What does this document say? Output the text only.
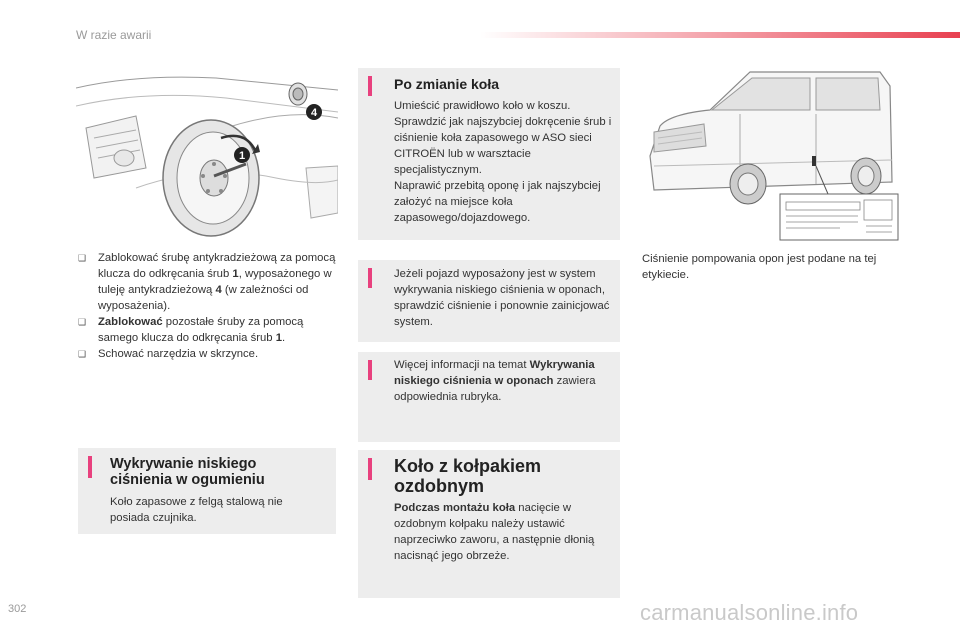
W razie awarii
4
1
❑ Zablokować śrubę antykradzieżową za pomocą klucza do odkręcania śrub 1, wyposażonego w tuleję antykradzieżową 4 (w zależności od wyposażenia).
❑ Zablokować pozostałe śruby za pomocą samego klucza do odkręcania śrub 1.
❑ Schować narzędzia w skrzynce.
Wykrywanie niskiego ciśnienia w ogumieniu
Koło zapasowe z felgą stalową nie posiada czujnika.
Po zmianie koła
Umieścić prawidłowo koło w koszu. Sprawdzić jak najszybciej dokręcenie śrub i ciśnienie koła zapasowego w ASO sieci CITROËN lub w warsztacie specjalistycznym.
Naprawić przebitą oponę i jak najszybciej założyć na miejsce koła zapasowego/dojazdowego.
Jeżeli pojazd wyposażony jest w system wykrywania niskiego ciśnienia w oponach, sprawdzić ciśnienie i ponownie zainicjować system.
Więcej informacji na temat Wykrywania niskiego ciśnienia w oponach zawiera odpowiednia rubryka.
Koło z kołpakiem ozdobnym
Podczas montażu koła nacięcie w ozdobnym kołpaku należy ustawić naprzeciwko zaworu, a następnie dłonią nacisnąć jego obrzeże.
Ciśnienie pompowania opon jest podane na tej etykiecie.
302	carmanualsonline.info
